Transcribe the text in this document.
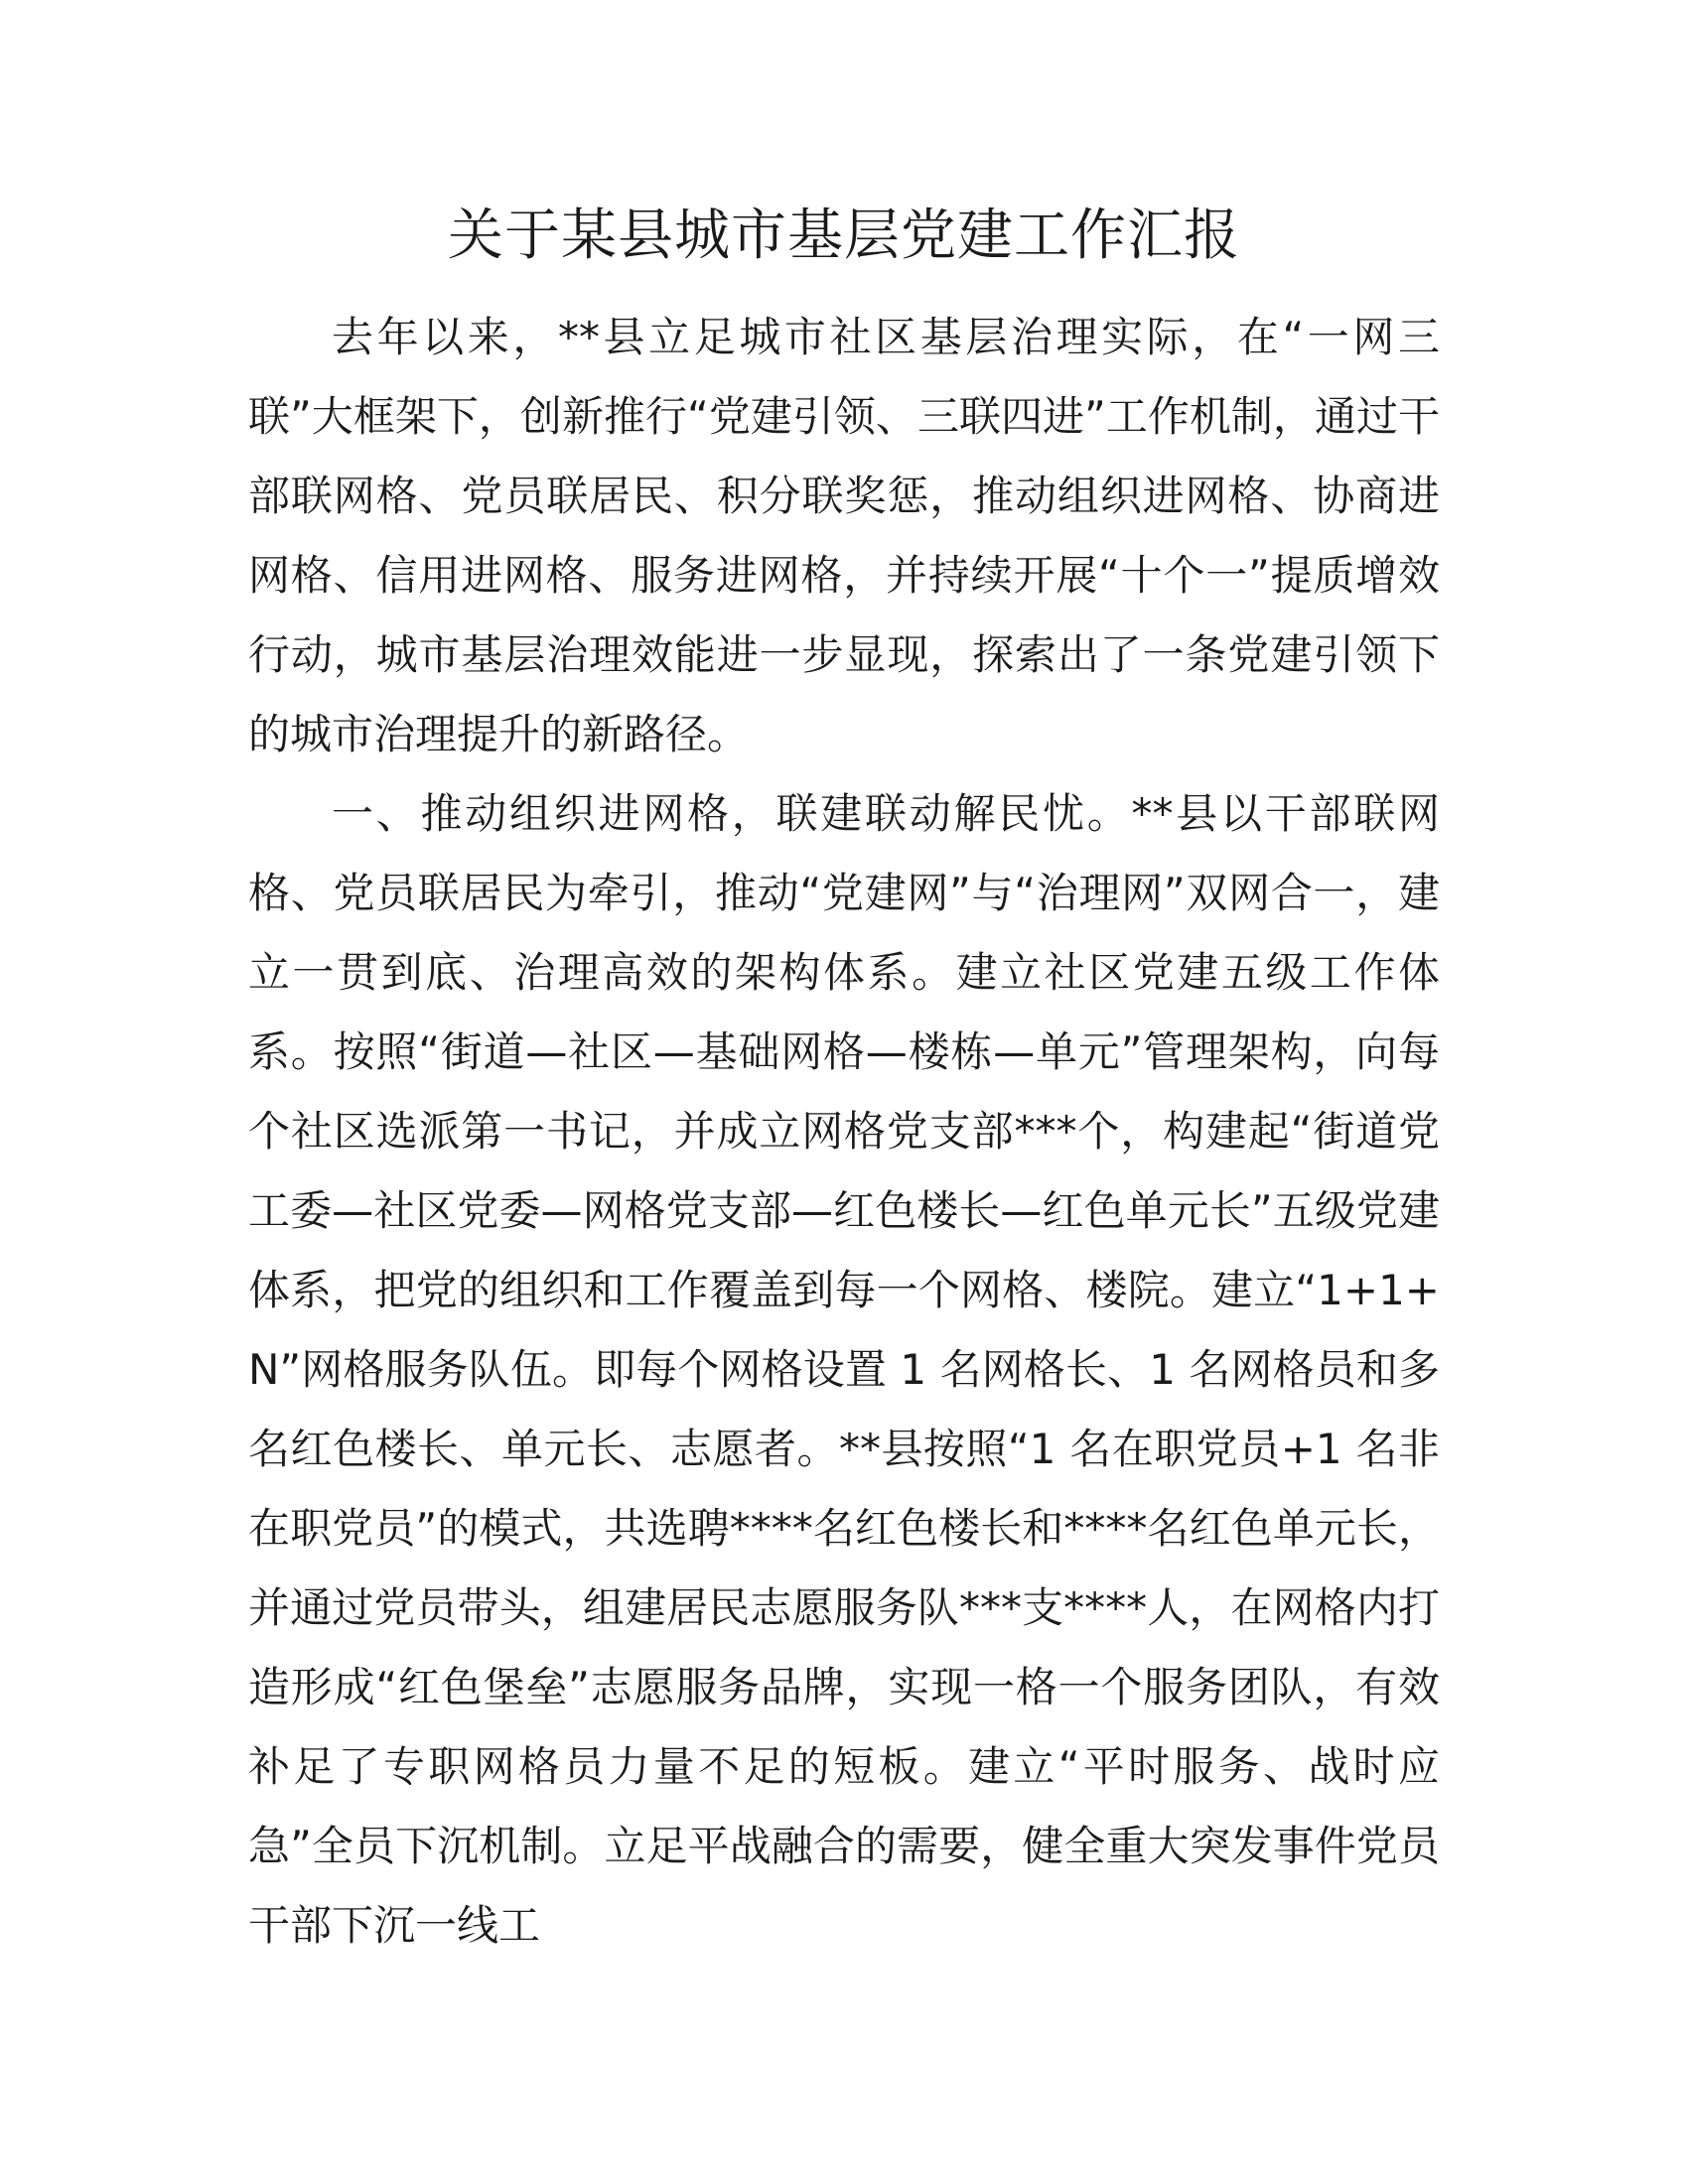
关于某县城市基层党建工作汇报

去年以来，**县立足城市社区基层治理实际，在“一网三联”大框架下，创新推行“党建引领、三联四进”工作机制，通过干部联网格、党员联居民、积分联奖惩，推动组织进网格、协商进网格、信用进网格、服务进网格，并持续开展“十个一”提质增效行动，城市基层治理效能进一步显现，探索出了一条党建引领下的城市治理提升的新路径。

一、推动组织进网格，联建联动解民忧。**县以干部联网格、党员联居民为牵引，推动“党建网”与“治理网”双网合一，建立一贯到底、治理高效的架构体系。建立社区党建五级工作体系。按照“街道—社区—基础网格—楼栋—单元”管理架构，向每个社区选派第一书记，并成立网格党支部***个，构建起“街道党工委—社区党委—网格党支部—红色楼长—红色单元长”五级党建体系，把党的组织和工作覆盖到每一个网格、楼院。建立“1+1+N”网格服务队伍。即每个网格设置 1 名网格长、1 名网格员和多名红色楼长、单元长、志愿者。**县按照“1 名在职党员+1 名非在职党员”的模式，共选聘****名红色楼长和****名红色单元长，并通过党员带头，组建居民志愿服务队***支****人，在网格内打造形成“红色堡垒”志愿服务品牌，实现一格一个服务团队，有效补足了专职网格员力量不足的短板。建立“平时服务、战时应急”全员下沉机制。立足平战融合的需要，健全重大突发事件党员干部下沉一线工
